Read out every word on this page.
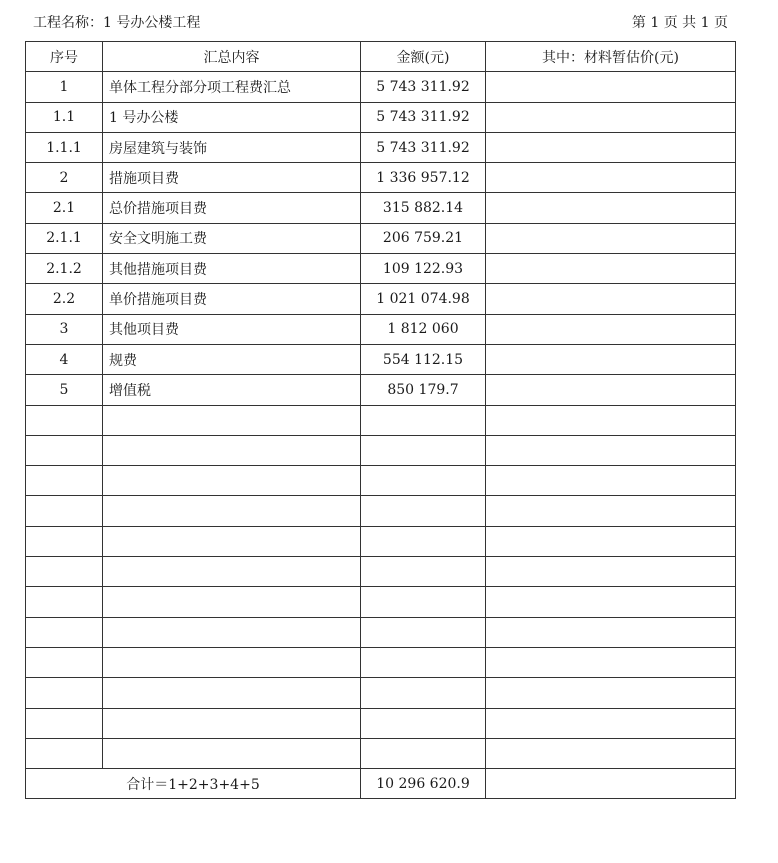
工程名称：1 号办公楼工程	第 1 页 共 1 页
序号	汇总内容	金额(元)	其中：材料暂估价(元)
1	单体工程分部分项工程费汇总	5 743 311.92	
1.1	1 号办公楼	5 743 311.92	
1.1.1	房屋建筑与装饰	5 743 311.92	
2	措施项目费	1 336 957.12	
2.1	总价措施项目费	315 882.14	
2.1.1	安全文明施工费	206 759.21	
2.1.2	其他措施项目费	109 122.93	
2.2	单价措施项目费	1 021 074.98	
3	其他项目费	1 812 060	
4	规费	554 112.15	
5	增值税	850 179.7	

合计＝1+2+3+4+5		10 296 620.9	
